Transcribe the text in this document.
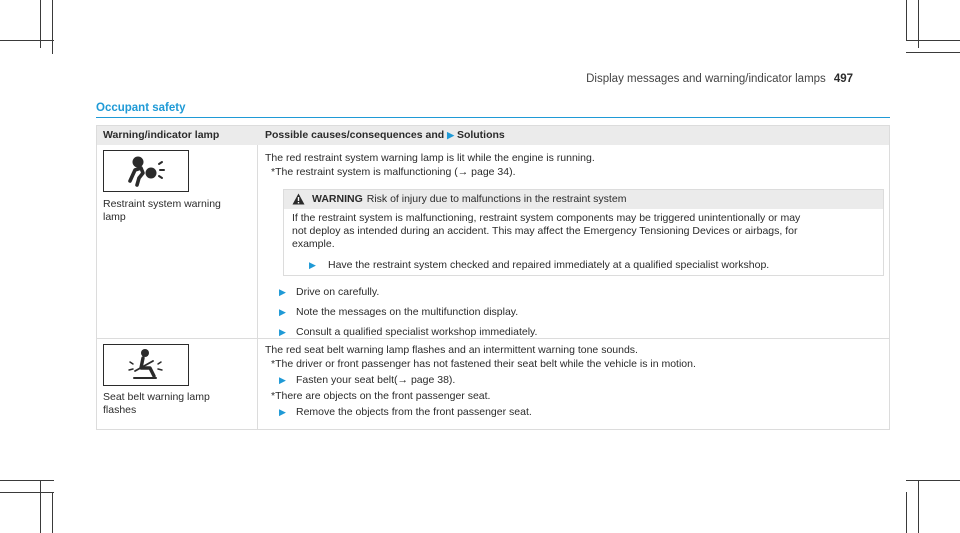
Display messages and warning/indicator lamps 497
Occupant safety
Warning/indicator lamp	Possible causes/consequences and ▶ Solutions
Restraint system warning
lamp
The red restraint system warning lamp is lit while the engine is running.
*The restraint system is malfunctioning (→ page 34).
WARNING Risk of injury due to malfunctions in the restraint system
If the restraint system is malfunctioning, restraint system components may be triggered unintentionally or may
not deploy as intended during an accident. This may affect the Emergency Tensioning Devices or airbags, for
example.
▶ Have the restraint system checked and repaired immediately at a qualified specialist workshop.
▶ Drive on carefully.
▶ Note the messages on the multifunction display.
▶ Consult a qualified specialist workshop immediately.
Seat belt warning lamp
flashes
The red seat belt warning lamp flashes and an intermittent warning tone sounds.
*The driver or front passenger has not fastened their seat belt while the vehicle is in motion.
▶ Fasten your seat belt(→ page 38).
*There are objects on the front passenger seat.
▶ Remove the objects from the front passenger seat.
